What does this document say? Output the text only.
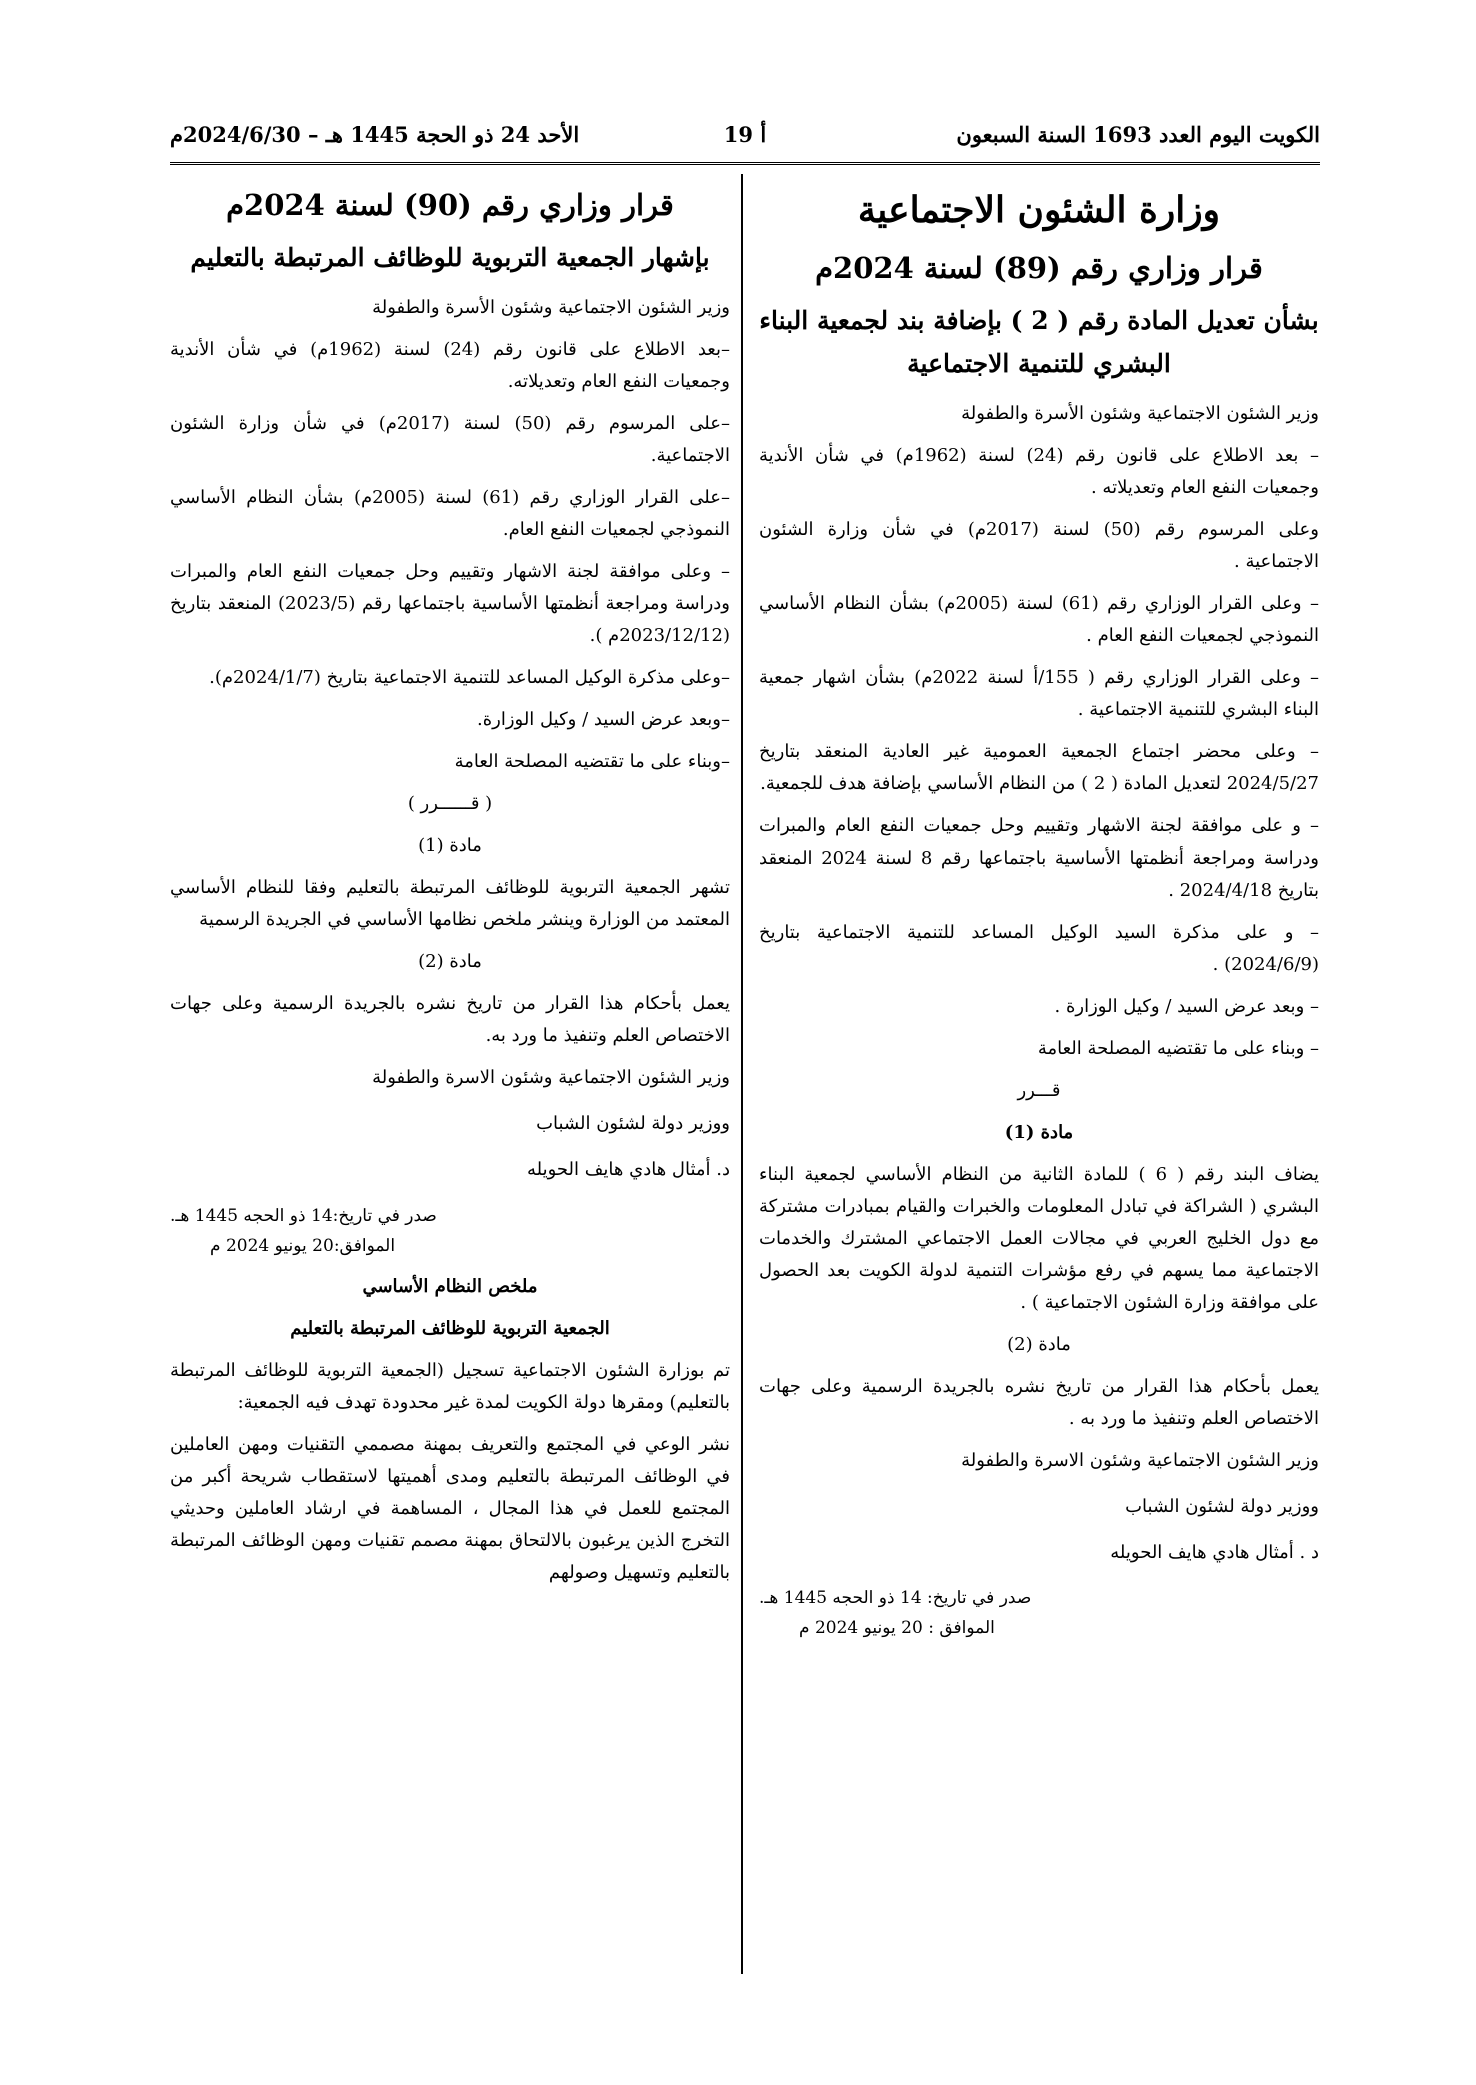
الكويت اليوم العدد 1693 السنة السبعون
أ 19
الأحد 24 ذو الحجة 1445 هـ – 2024/6/30م
وزارة الشئون الاجتماعية
قرار وزاري رقم (89) لسنة 2024م
بشأن تعديل المادة رقم ( 2 ) بإضافة بند لجمعية البناء البشري للتنمية الاجتماعية

وزير الشئون الاجتماعية وشئون الأسرة والطفولة

– بعد الاطلاع على قانون رقم (24) لسنة (1962م) في شأن الأندية وجمعيات النفع العام وتعديلاته .

وعلى المرسوم رقم (50) لسنة (2017م) في شأن وزارة الشئون الاجتماعية .

– وعلى القرار الوزاري رقم (61) لسنة (2005م) بشأن النظام الأساسي النموذجي لجمعيات النفع العام .

– وعلى القرار الوزاري رقم ( 155/أ لسنة 2022م) بشأن اشهار جمعية البناء البشري للتنمية الاجتماعية .

– وعلى محضر اجتماع الجمعية العمومية غير العادية المنعقد بتاريخ 2024/5/27 لتعديل المادة ( 2 ) من النظام الأساسي بإضافة هدف للجمعية.

– و على موافقة لجنة الاشهار وتقييم وحل جمعيات النفع العام والمبرات ودراسة ومراجعة أنظمتها الأساسية باجتماعها رقم 8 لسنة 2024 المنعقد بتاريخ 2024/4/18 .

– و على مذكرة السيد الوكيل المساعد للتنمية الاجتماعية بتاريخ (2024/6/9) .

– وبعد عرض السيد / وكيل الوزارة .

– وبناء على ما تقتضيه المصلحة العامة

قـــرر

مادة (1)

يضاف البند رقم ( 6 ) للمادة الثانية من النظام الأساسي لجمعية البناء البشري ( الشراكة في تبادل المعلومات والخبرات والقيام بمبادرات مشتركة مع دول الخليج العربي في مجالات العمل الاجتماعي المشترك والخدمات الاجتماعية مما يسهم في رفع مؤشرات التنمية لدولة الكويت بعد الحصول على موافقة وزارة الشئون الاجتماعية ) .

مادة (2)

يعمل بأحكام هذا القرار من تاريخ نشره بالجريدة الرسمية وعلى جهات الاختصاص العلم وتنفيذ ما ورد به .

وزير الشئون الاجتماعية وشئون الاسرة والطفولة

ووزير دولة لشئون الشباب

د . أمثال هادي هايف الحويله

صدر في تاريخ: 14 ذو الحجه 1445 هـ.

الموافق : 20 يونيو 2024 م

قرار وزاري رقم (90) لسنة 2024م
بإشهار الجمعية التربوية للوظائف المرتبطة بالتعليم

وزير الشئون الاجتماعية وشئون الأسرة والطفولة

–بعد الاطلاع على قانون رقم (24) لسنة (1962م) في شأن الأندية وجمعيات النفع العام وتعديلاته.

–على المرسوم رقم (50) لسنة (2017م) في شأن وزارة الشئون الاجتماعية.

–على القرار الوزاري رقم (61) لسنة (2005م) بشأن النظام الأساسي النموذجي لجمعيات النفع العام.

– وعلى موافقة لجنة الاشهار وتقييم وحل جمعيات النفع العام والمبرات ودراسة ومراجعة أنظمتها الأساسية باجتماعها رقم (2023/5) المنعقد بتاريخ (2023/12/12م ).

–وعلى مذكرة الوكيل المساعد للتنمية الاجتماعية بتاريخ (2024/1/7م).

–وبعد عرض السيد / وكيل الوزارة.

–وبناء على ما تقتضيه المصلحة العامة

( قــــــرر )

مادة (1)

تشهر الجمعية التربوية للوظائف المرتبطة بالتعليم وفقا للنظام الأساسي المعتمد من الوزارة وينشر ملخص نظامها الأساسي في الجريدة الرسمية

مادة (2)

يعمل بأحكام هذا القرار من تاريخ نشره بالجريدة الرسمية وعلى جهات الاختصاص العلم وتنفيذ ما ورد به.

وزير الشئون الاجتماعية وشئون الاسرة والطفولة

ووزير دولة لشئون الشباب

د. أمثال هادي هايف الحويله

صدر في تاريخ:14 ذو الحجه 1445 هـ.

الموافق:20 يونيو 2024 م

ملخص النظام الأساسي

الجمعية التربوية للوظائف المرتبطة بالتعليم

تم بوزارة الشئون الاجتماعية تسجيل (الجمعية التربوية للوظائف المرتبطة بالتعليم) ومقرها دولة الكويت لمدة غير محدودة تهدف فيه الجمعية:

نشر الوعي في المجتمع والتعريف بمهنة مصممي التقنيات ومهن العاملين في الوظائف المرتبطة بالتعليم ومدى أهميتها لاستقطاب شريحة أكبر من المجتمع للعمل في هذا المجال ، المساهمة في ارشاد العاملين وحديثي التخرج الذين يرغبون بالالتحاق بمهنة مصمم تقنيات ومهن الوظائف المرتبطة بالتعليم وتسهيل وصولهم
